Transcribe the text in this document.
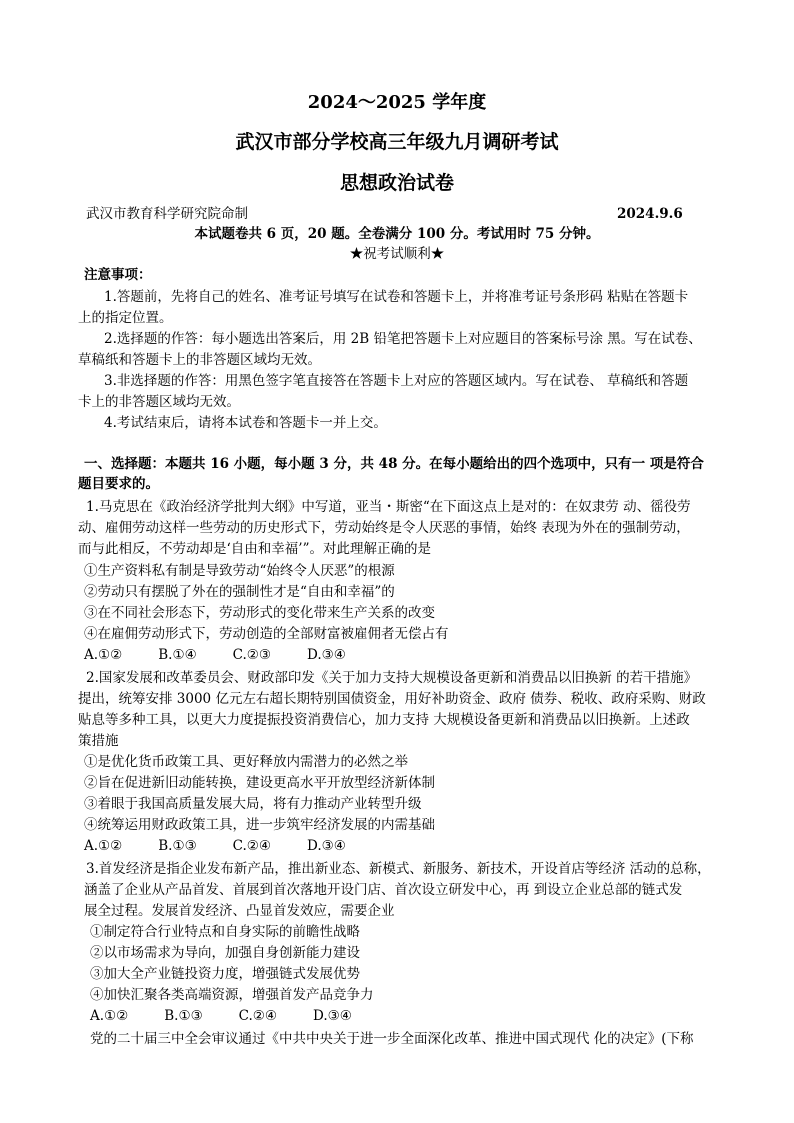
2024～2025 学年度
武汉市部分学校高三年级九月调研考试
思想政治试卷
武汉市教育科学研究院命制	2024.9.6
本试题卷共 6 页，20 题。全卷满分 100 分。考试用时 75 分钟。
★祝考试顺利★
注意事项：
1.答题前，先将自己的姓名、准考证号填写在试卷和答题卡上，并将准考证号条形码 粘贴在答题卡
上的指定位置。
2.选择题的作答：每小题选出答案后，用 2B 铅笔把答题卡上对应题目的答案标号涂 黑。写在试卷、
草稿纸和答题卡上的非答题区域均无效。
3.非选择题的作答：用黑色签字笔直接答在答题卡上对应的答题区域内。写在试卷、 草稿纸和答题
卡上的非答题区域均无效。
4.考试结束后，请将本试卷和答题卡一并上交。
一、选择题：本题共 16 小题，每小题 3 分，共 48 分。在每小题给出的四个选项中，只有一 项是符合
题目要求的。
1.马克思在《政治经济学批判大纲》中写道，亚当・斯密“在下面这点上是对的：在奴隶劳 动、徭役劳
动、雇佣劳动这样一些劳动的历史形式下，劳动始终是令人厌恶的事情，始终 表现为外在的强制劳动，
而与此相反，不劳动却是‘自由和幸福’”。对此理解正确的是
①生产资料私有制是导致劳动“始终令人厌恶”的根源
②劳动只有摆脱了外在的强制性才是“自由和幸福”的
③在不同社会形态下，劳动形式的变化带来生产关系的改变
④在雇佣劳动形式下，劳动创造的全部财富被雇佣者无偿占有
A.①②	B.①④	C.②③	D.③④
2.国家发展和改革委员会、财政部印发《关于加力支持大规模设备更新和消费品以旧换新 的若干措施》
提出，统筹安排 3000 亿元左右超长期特别国债资金，用好补助资金、政府 债券、税收、政府采购、财政
贴息等多种工具，以更大力度提振投资消费信心，加力支持 大规模设备更新和消费品以旧换新。上述政
策措施
①是优化货币政策工具、更好释放内需潜力的必然之举
②旨在促进新旧动能转换，建设更高水平开放型经济新体制
③着眼于我国高质量发展大局，将有力推动产业转型升级
④统筹运用财政政策工具，进一步筑牢经济发展的内需基础
A.①②	B.①③	C.②④	D.③④
3.首发经济是指企业发布新产品，推出新业态、新模式、新服务、新技术，开设首店等经济 活动的总称，
涵盖了企业从产品首发、首展到首次落地开设门店、首次设立研发中心，再 到设立企业总部的链式发
展全过程。发展首发经济、凸显首发效应，需要企业
①制定符合行业特点和自身实际的前瞻性战略
②以市场需求为导向，加强自身创新能力建设
③加大全产业链投资力度，增强链式发展优势
④加快汇聚各类高端资源，增强首发产品竞争力
A.①②	B.①③	C.②④	D.③④
党的二十届三中全会审议通过《中共中央关于进一步全面深化改革、推进中国式现代 化的决定》(下称
